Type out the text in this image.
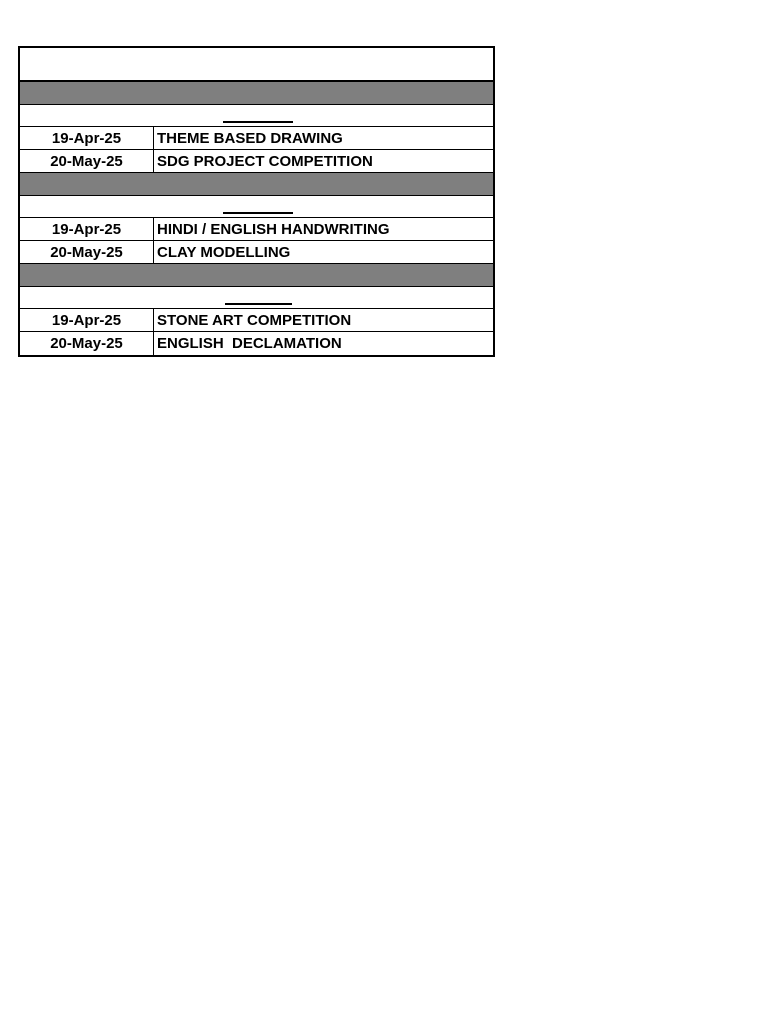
19-Apr-25	THEME BASED DRAWING
20-May-25	SDG PROJECT COMPETITION
19-Apr-25	HINDI / ENGLISH HANDWRITING
20-May-25	CLAY MODELLING
19-Apr-25	STONE ART COMPETITION
20-May-25	ENGLISH  DECLAMATION
